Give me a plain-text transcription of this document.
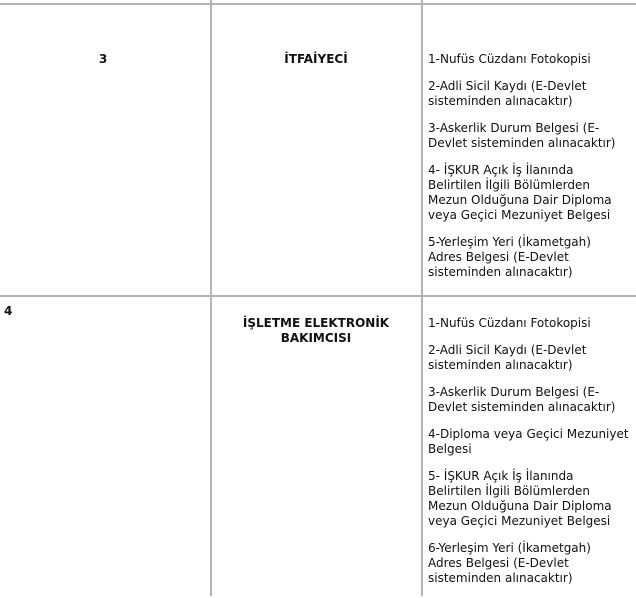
3	İTFAİYECİ	1-Nufüs Cüzdanı Fotokopisi
2-Adli Sicil Kaydı (E-Devlet
sisteminden alınacaktır)
3-Askerlik Durum Belgesi (E-
Devlet sisteminden alınacaktır)
4- İŞKUR Açık İş İlanında
Belirtilen İlgili Bölümlerden
Mezun Olduğuna Dair Diploma
veya Geçici Mezuniyet Belgesi
5-Yerleşim Yeri (İkametgah)
Adres Belgesi (E-Devlet
sisteminden alınacaktır)
4
İŞLETME ELEKTRONİK
BAKIMCISI
1-Nufüs Cüzdanı Fotokopisi
2-Adli Sicil Kaydı (E-Devlet
sisteminden alınacaktır)
3-Askerlik Durum Belgesi (E-
Devlet sisteminden alınacaktır)
4-Diploma veya Geçici Mezuniyet
Belgesi
5- İŞKUR Açık İş İlanında
Belirtilen İlgili Bölümlerden
Mezun Olduğuna Dair Diploma
veya Geçici Mezuniyet Belgesi
6-Yerleşim Yeri (İkametgah)
Adres Belgesi (E-Devlet
sisteminden alınacaktır)
